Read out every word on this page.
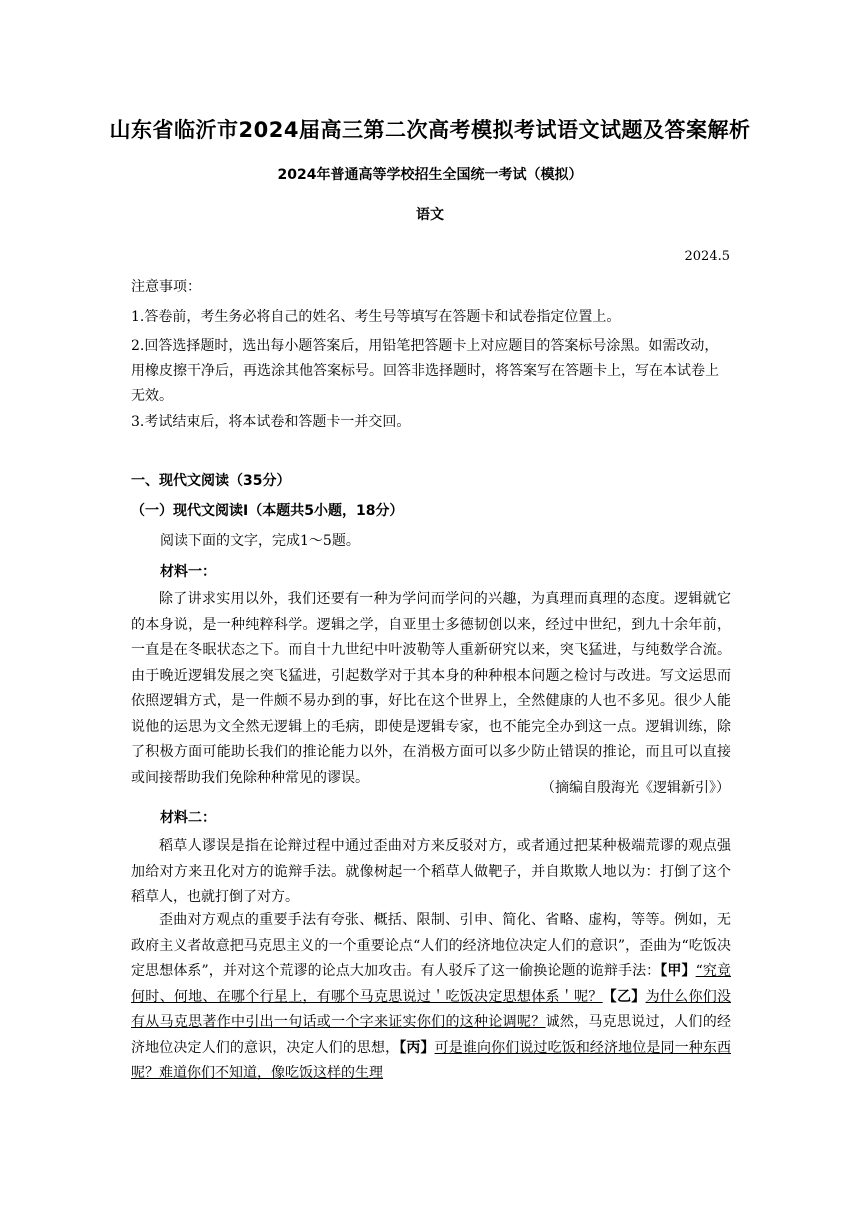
山东省临沂市2024届高三第二次高考模拟考试语文试题及答案解析
2024年普通高等学校招生全国统一考试（模拟）
语文
2024.5
注意事项：
1.答卷前，考生务必将自己的姓名、考生号等填写在答题卡和试卷指定位置上。
2.回答选择题时，选出每小题答案后，用铅笔把答题卡上对应题目的答案标号涂黑。如需改动，用橡皮擦干净后，再选涂其他答案标号。回答非选择题时，将答案写在答题卡上，写在本试卷上无效。
3.考试结束后，将本试卷和答题卡一并交回。
一、现代文阅读（35分）
（一）现代文阅读Ⅰ（本题共5小题，18分）
阅读下面的文字，完成1～5题。
材料一：
除了讲求实用以外，我们还要有一种为学问而学问的兴趣，为真理而真理的态度。逻辑就它的本身说，是一种纯粹科学。逻辑之学，自亚里士多德韧创以来，经过中世纪，到九十余年前，一直是在冬眠状态之下。而自十九世纪中叶波勒等人重新研究以来，突飞猛进，与纯数学合流。由于晚近逻辑发展之突飞猛进，引起数学对于其本身的种种根本问题之检讨与改进。写文运思而依照逻辑方式，是一件颇不易办到的事，好比在这个世界上，全然健康的人也不多见。很少人能说他的运思为文全然无逻辑上的毛病，即使是逻辑专家，也不能完全办到这一点。逻辑训练，除了积极方面可能助长我们的推论能力以外，在消极方面可以多少防止错误的推论，而且可以直接或间接帮助我们免除种种常见的谬误。
（摘编自殷海光《逻辑新引》）
材料二：
稻草人谬误是指在论辩过程中通过歪曲对方来反驳对方，或者通过把某种极端荒谬的观点强加给对方来丑化对方的诡辩手法。就像树起一个稻草人做靶子，并自欺欺人地以为：打倒了这个稻草人，也就打倒了对方。
歪曲对方观点的重要手法有夸张、概括、限制、引申、简化、省略、虚构，等等。例如，无政府主义者故意把马克思主义的一个重要论点“人们的经济地位决定人们的意识”，歪曲为“吃饭决定思想体系”，并对这个荒谬的论点大加攻击。有人驳斥了这一偷换论题的诡辩手法：【甲】“究竟何时、何地、在哪个行星上，有哪个马克思说过＇吃饭决定思想体系＇呢？【乙】为什么你们没有从马克思著作中引出一句话或一个字来证实你们的这种论调呢？诚然，马克思说过，人们的经济地位决定人们的意识，决定人们的思想，【丙】可是谁向你们说过吃饭和经济地位是同一种东西呢？难道你们不知道，像吃饭这样的生理
